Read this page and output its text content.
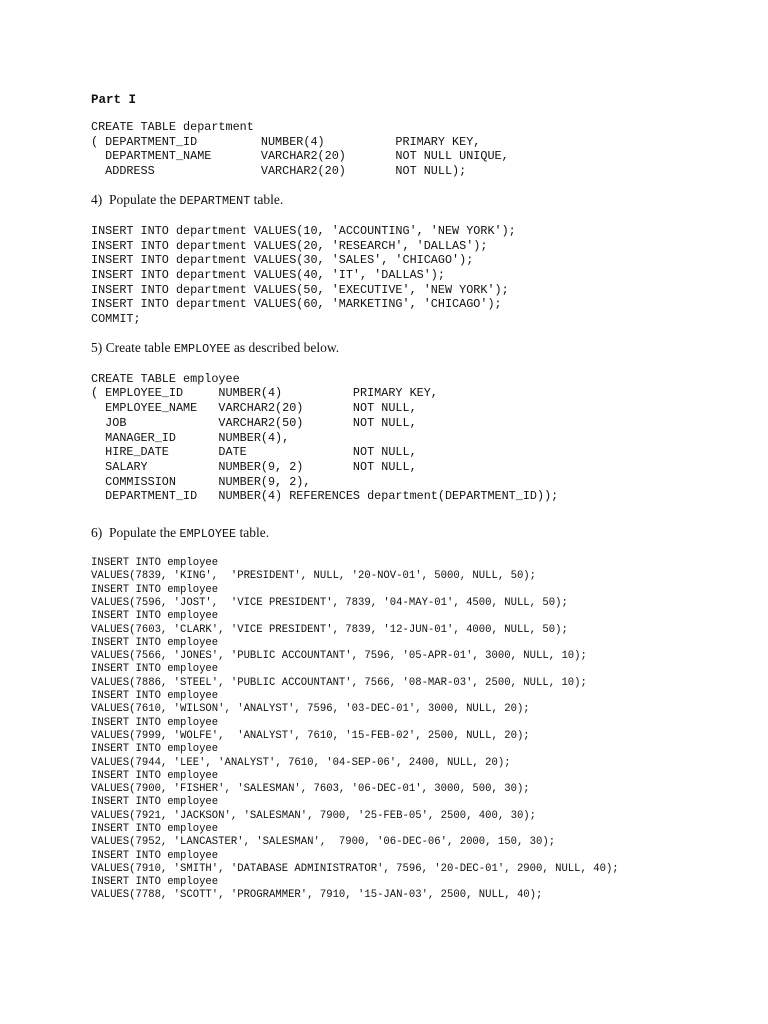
Part I
CREATE TABLE department
( DEPARTMENT_ID         NUMBER(4)          PRIMARY KEY,
DEPARTMENT_NAME       VARCHAR2(20)       NOT NULL UNIQUE,
ADDRESS               VARCHAR2(20)       NOT NULL);

4)  Populate the DEPARTMENT table.

INSERT INTO department VALUES(10, 'ACCOUNTING', 'NEW YORK');
INSERT INTO department VALUES(20, 'RESEARCH', 'DALLAS');
INSERT INTO department VALUES(30, 'SALES', 'CHICAGO');
INSERT INTO department VALUES(40, 'IT', 'DALLAS');
INSERT INTO department VALUES(50, 'EXECUTIVE', 'NEW YORK');
INSERT INTO department VALUES(60, 'MARKETING', 'CHICAGO');
COMMIT;

5) Create table EMPLOYEE as described below.

CREATE TABLE employee
( EMPLOYEE_ID     NUMBER(4)          PRIMARY KEY,
EMPLOYEE_NAME   VARCHAR2(20)       NOT NULL,
JOB             VARCHAR2(50)       NOT NULL,
MANAGER_ID      NUMBER(4),
HIRE_DATE       DATE               NOT NULL,
SALARY          NUMBER(9, 2)       NOT NULL,
COMMISSION      NUMBER(9, 2),
DEPARTMENT_ID   NUMBER(4) REFERENCES department(DEPARTMENT_ID));

6)  Populate the EMPLOYEE table.

INSERT INTO employee
VALUES(7839, 'KING',  'PRESIDENT', NULL, '20-NOV-01', 5000, NULL, 50);
INSERT INTO employee
VALUES(7596, 'JOST',  'VICE PRESIDENT', 7839, '04-MAY-01', 4500, NULL, 50);
INSERT INTO employee
VALUES(7603, 'CLARK', 'VICE PRESIDENT', 7839, '12-JUN-01', 4000, NULL, 50);
INSERT INTO employee
VALUES(7566, 'JONES', 'PUBLIC ACCOUNTANT', 7596, '05-APR-01', 3000, NULL, 10);
INSERT INTO employee
VALUES(7886, 'STEEL', 'PUBLIC ACCOUNTANT', 7566, '08-MAR-03', 2500, NULL, 10);
INSERT INTO employee
VALUES(7610, 'WILSON', 'ANALYST', 7596, '03-DEC-01', 3000, NULL, 20);
INSERT INTO employee
VALUES(7999, 'WOLFE',  'ANALYST', 7610, '15-FEB-02', 2500, NULL, 20);
INSERT INTO employee
VALUES(7944, 'LEE', 'ANALYST', 7610, '04-SEP-06', 2400, NULL, 20);
INSERT INTO employee
VALUES(7900, 'FISHER', 'SALESMAN', 7603, '06-DEC-01', 3000, 500, 30);
INSERT INTO employee
VALUES(7921, 'JACKSON', 'SALESMAN', 7900, '25-FEB-05', 2500, 400, 30);
INSERT INTO employee
VALUES(7952, 'LANCASTER', 'SALESMAN',  7900, '06-DEC-06', 2000, 150, 30);
INSERT INTO employee
VALUES(7910, 'SMITH', 'DATABASE ADMINISTRATOR', 7596, '20-DEC-01', 2900, NULL, 40);
INSERT INTO employee
VALUES(7788, 'SCOTT', 'PROGRAMMER', 7910, '15-JAN-03', 2500, NULL, 40);
